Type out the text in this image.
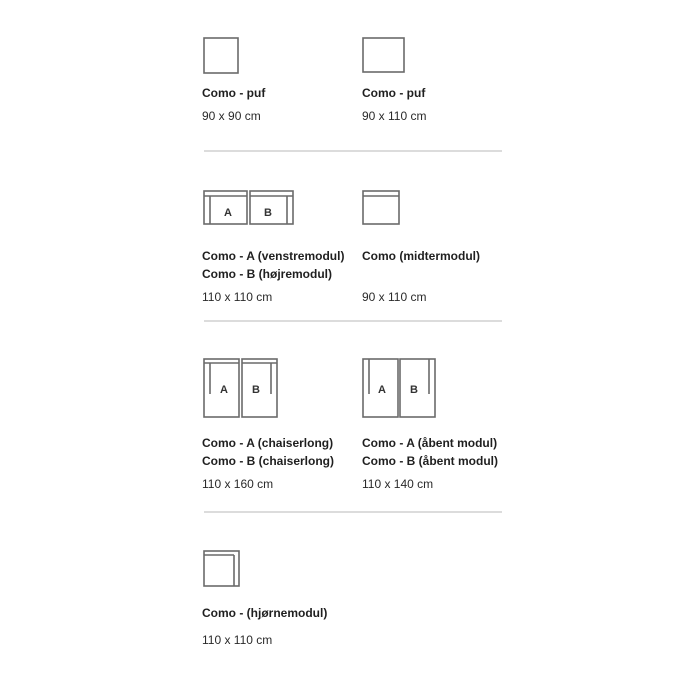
Como - puf
90 x 90 cm
Como - puf
90 x 110 cm
A	B
Como - A (venstremodul)
Como - B (højremodul)
110 x 110 cm
Como (midtermodul)
90 x 110 cm
A B
Como - A (chaiserlong)
Como - B (chaiserlong)
110 x 160 cm
A B
Como - A (åbent modul)
Como - B (åbent modul)
110 x 140 cm
Como - (hjørnemodul)
110 x 110 cm
